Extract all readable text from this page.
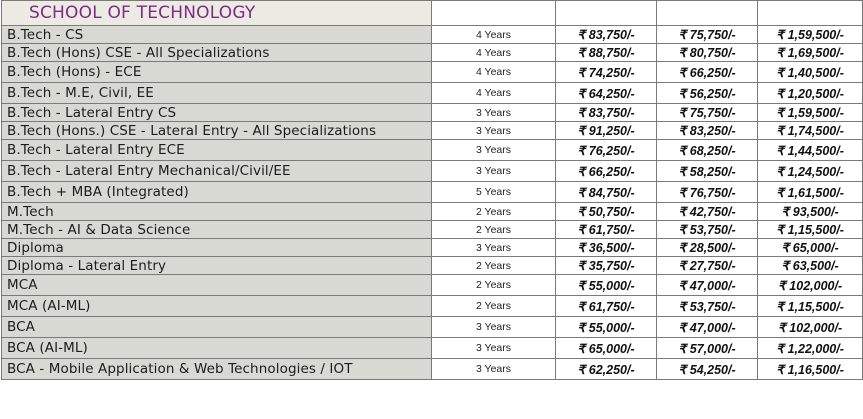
SCHOOL OF TECHNOLOGY				
B.Tech - CS	4 Years	₹ 83,750/-	₹ 75,750/-	₹ 1,59,500/-
B.Tech (Hons) CSE - All Specializations	4 Years	₹ 88,750/-	₹ 80,750/-	₹ 1,69,500/-
B.Tech (Hons) - ECE	4 Years	₹ 74,250/-	₹ 66,250/-	₹ 1,40,500/-
B.Tech - M.E, Civil, EE	4 Years	₹ 64,250/-	₹ 56,250/-	₹ 1,20,500/-
B.Tech - Lateral Entry CS	3 Years	₹ 83,750/-	₹ 75,750/-	₹ 1,59,500/-
B.Tech (Hons.) CSE - Lateral Entry - All Specializations	3 Years	₹ 91,250/-	₹ 83,250/-	₹ 1,74,500/-
B.Tech - Lateral Entry ECE	3 Years	₹ 76,250/-	₹ 68,250/-	₹ 1,44,500/-
B.Tech - Lateral Entry Mechanical/Civil/EE	3 Years	₹ 66,250/-	₹ 58,250/-	₹ 1,24,500/-
B.Tech + MBA (Integrated)	5 Years	₹ 84,750/-	₹ 76,750/-	₹ 1,61,500/-
M.Tech	2 Years	₹ 50,750/-	₹ 42,750/-	₹ 93,500/-
M.Tech - AI & Data Science	2 Years	₹ 61,750/-	₹ 53,750/-	₹ 1,15,500/-
Diploma	3 Years	₹ 36,500/-	₹ 28,500/-	₹ 65,000/-
Diploma - Lateral Entry	2 Years	₹ 35,750/-	₹ 27,750/-	₹ 63,500/-
MCA	2 Years	₹ 55,000/-	₹ 47,000/-	₹ 102,000/-
MCA (AI-ML)	2 Years	₹ 61,750/-	₹ 53,750/-	₹ 1,15,500/-
BCA	3 Years	₹ 55,000/-	₹ 47,000/-	₹ 102,000/-
BCA (AI-ML)	3 Years	₹ 65,000/-	₹ 57,000/-	₹ 1,22,000/-
BCA - Mobile Application & Web Technologies / IOT	3 Years	₹ 62,250/-	₹ 54,250/-	₹ 1,16,500/-
